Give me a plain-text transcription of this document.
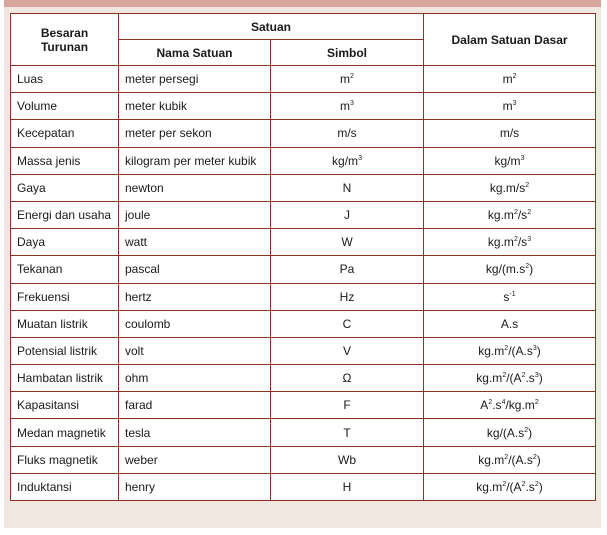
Besaran
Turunan	Satuan		Dalam Satuan Dasar
	Nama Satuan	Simbol	
Luas	meter persegi	$m^2$	$m^2$
Volume	meter kubik	$m^3$	$m^3$
Kecepatan	meter per sekon	m/s	m/s
Massa jenis	kilogram per meter kubik	$kg/m^3$	$kg/m^3$
Gaya	newton	N	$kg.m/s^2$
Energi dan usaha	joule	J	$kg.m^2/s^2$
Daya	watt	W	$kg.m^2/s^3$
Tekanan	pascal	Pa	$kg/(m.s^2)$
Frekuensi	hertz	Hz	$s^{-1}$
Muatan listrik	coulomb	C	A.s
Potensial listrik	volt	V	$kg.m^2/(A.s^3)$
Hambatan listrik	ohm	Ω	$kg.m^2/(A^2.s^3)$
Kapasitansi	farad	F	$A^2.s^4/kg.m^2$
Medan magnetik	tesla	T	$kg/(A.s^2)$
Fluks magnetik	weber	Wb	$kg.m^2/(A.s^2)$
Induktansi	henry	H	$kg.m^2/(A^2.s^2)$
